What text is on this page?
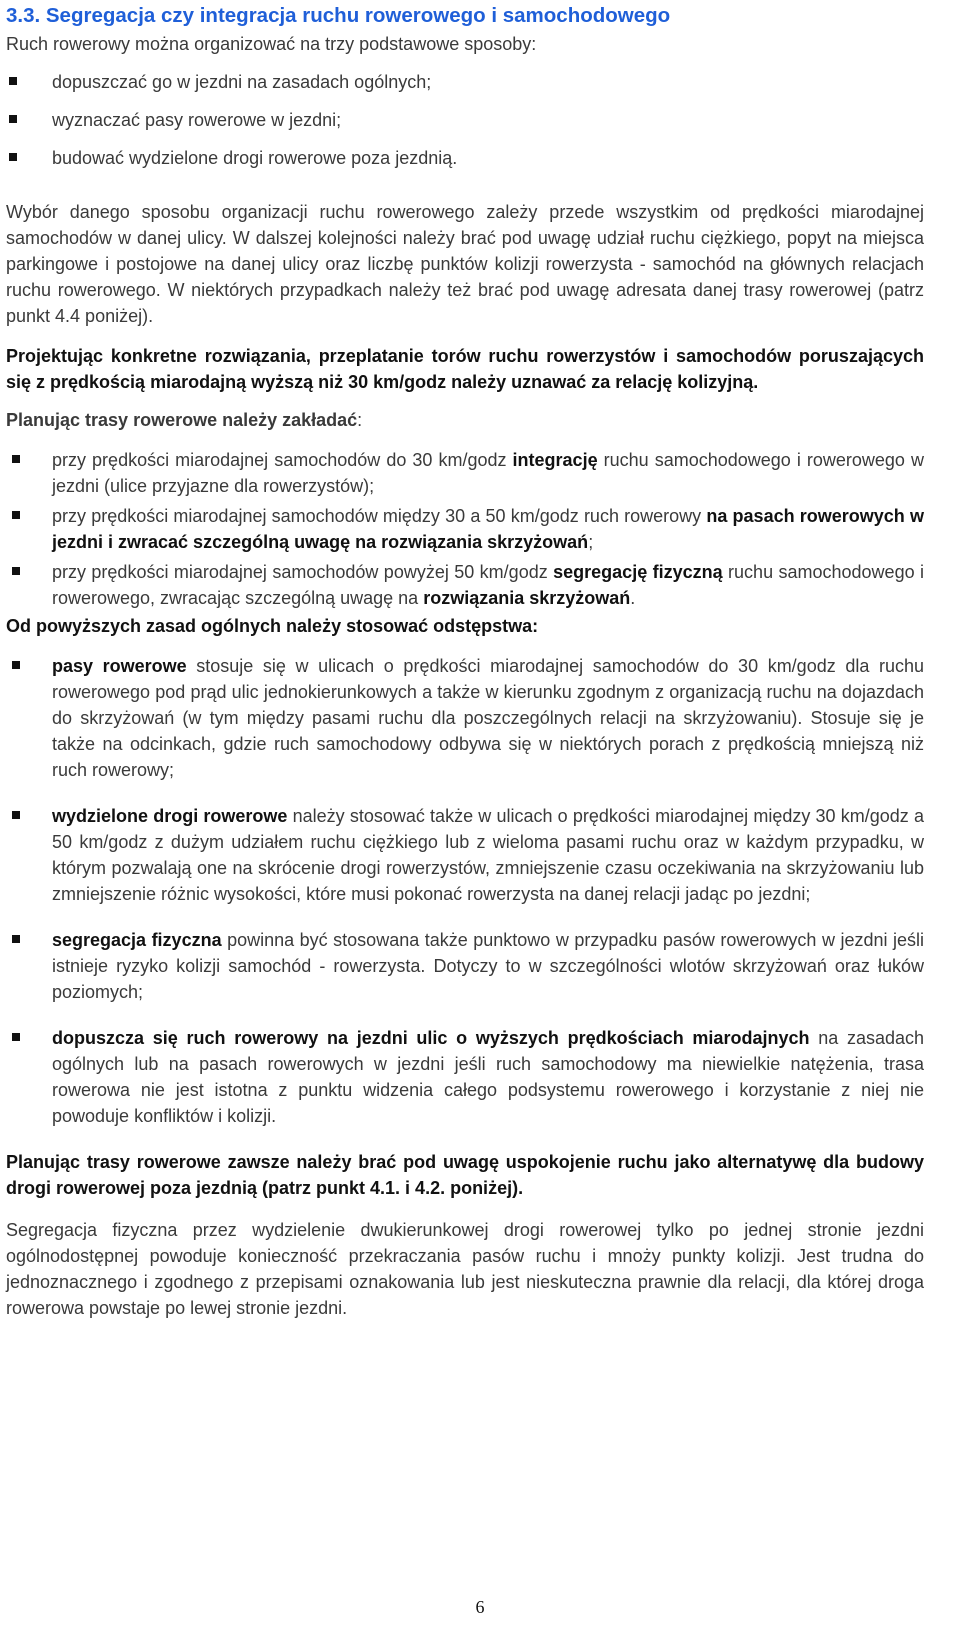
3.3. Segregacja czy integracja ruchu rowerowego i samochodowego

Ruch rowerowy można organizować na trzy podstawowe sposoby:

dopuszczać go w jezdni na zasadach ogólnych;
wyznaczać pasy rowerowe w jezdni;
budować wydzielone drogi rowerowe poza jezdnią.

Wybór danego sposobu organizacji ruchu rowerowego zależy przede wszystkim od prędkości miarodajnej samochodów w danej ulicy. W dalszej kolejności należy brać pod uwagę udział ruchu ciężkiego, popyt na miejsca parkingowe i postojowe na danej ulicy oraz liczbę punktów kolizji rowerzysta - samochód na głównych relacjach ruchu rowerowego. W niektórych przypadkach należy też brać pod uwagę adresata danej trasy rowerowej (patrz punkt 4.4 poniżej).

Projektując konkretne rozwiązania, przeplatanie torów ruchu rowerzystów i samochodów poruszających się z prędkością miarodajną wyższą niż 30 km/godz należy uznawać za relację kolizyjną.

Planując trasy rowerowe należy zakładać:

przy prędkości miarodajnej samochodów do 30 km/godz integrację ruchu samochodowego i rowerowego w jezdni (ulice przyjazne dla rowerzystów);
przy prędkości miarodajnej samochodów między 30 a 50 km/godz ruch rowerowy na pasach rowerowych w jezdni i zwracać szczególną uwagę na rozwiązania skrzyżowań;
przy prędkości miarodajnej samochodów powyżej 50 km/godz segregację fizyczną ruchu samochodowego i rowerowego, zwracając szczególną uwagę na rozwiązania skrzyżowań.

Od powyższych zasad ogólnych należy stosować odstępstwa:

pasy rowerowe stosuje się w ulicach o prędkości miarodajnej samochodów do 30 km/godz dla ruchu rowerowego pod prąd ulic jednokierunkowych a także w kierunku zgodnym z organizacją ruchu na dojazdach do skrzyżowań (w tym między pasami ruchu dla poszczególnych relacji na skrzyżowaniu). Stosuje się je także na odcinkach, gdzie ruch samochodowy odbywa się w niektórych porach z prędkością mniejszą niż ruch rowerowy;
wydzielone drogi rowerowe należy stosować także w ulicach o prędkości miarodajnej między 30 km/godz a 50 km/godz z dużym udziałem ruchu ciężkiego lub z wieloma pasami ruchu oraz w każdym przypadku, w którym pozwalają one na skrócenie drogi rowerzystów, zmniejszenie czasu oczekiwania na skrzyżowaniu lub zmniejszenie różnic wysokości, które musi pokonać rowerzysta na danej relacji jadąc po jezdni;
segregacja fizyczna powinna być stosowana także punktowo w przypadku pasów rowerowych w jezdni jeśli istnieje ryzyko kolizji samochód - rowerzysta. Dotyczy to w szczególności wlotów skrzyżowań oraz łuków poziomych;
dopuszcza się ruch rowerowy na jezdni ulic o wyższych prędkościach miarodajnych na zasadach ogólnych lub na pasach rowerowych w jezdni jeśli ruch samochodowy ma niewielkie natężenia, trasa rowerowa nie jest istotna z punktu widzenia całego podsystemu rowerowego i korzystanie z niej nie powoduje konfliktów i kolizji.

Planując trasy rowerowe zawsze należy brać pod uwagę uspokojenie ruchu jako alternatywę dla budowy drogi rowerowej poza jezdnią (patrz punkt 4.1. i 4.2. poniżej).

Segregacja fizyczna przez wydzielenie dwukierunkowej drogi rowerowej tylko po jednej stronie jezdni ogólnodostępnej powoduje konieczność przekraczania pasów ruchu i mnoży punkty kolizji. Jest trudna do jednoznacznego i zgodnego z przepisami oznakowania lub jest nieskuteczna prawnie dla relacji, dla której droga rowerowa powstaje po lewej stronie jezdni.

6
